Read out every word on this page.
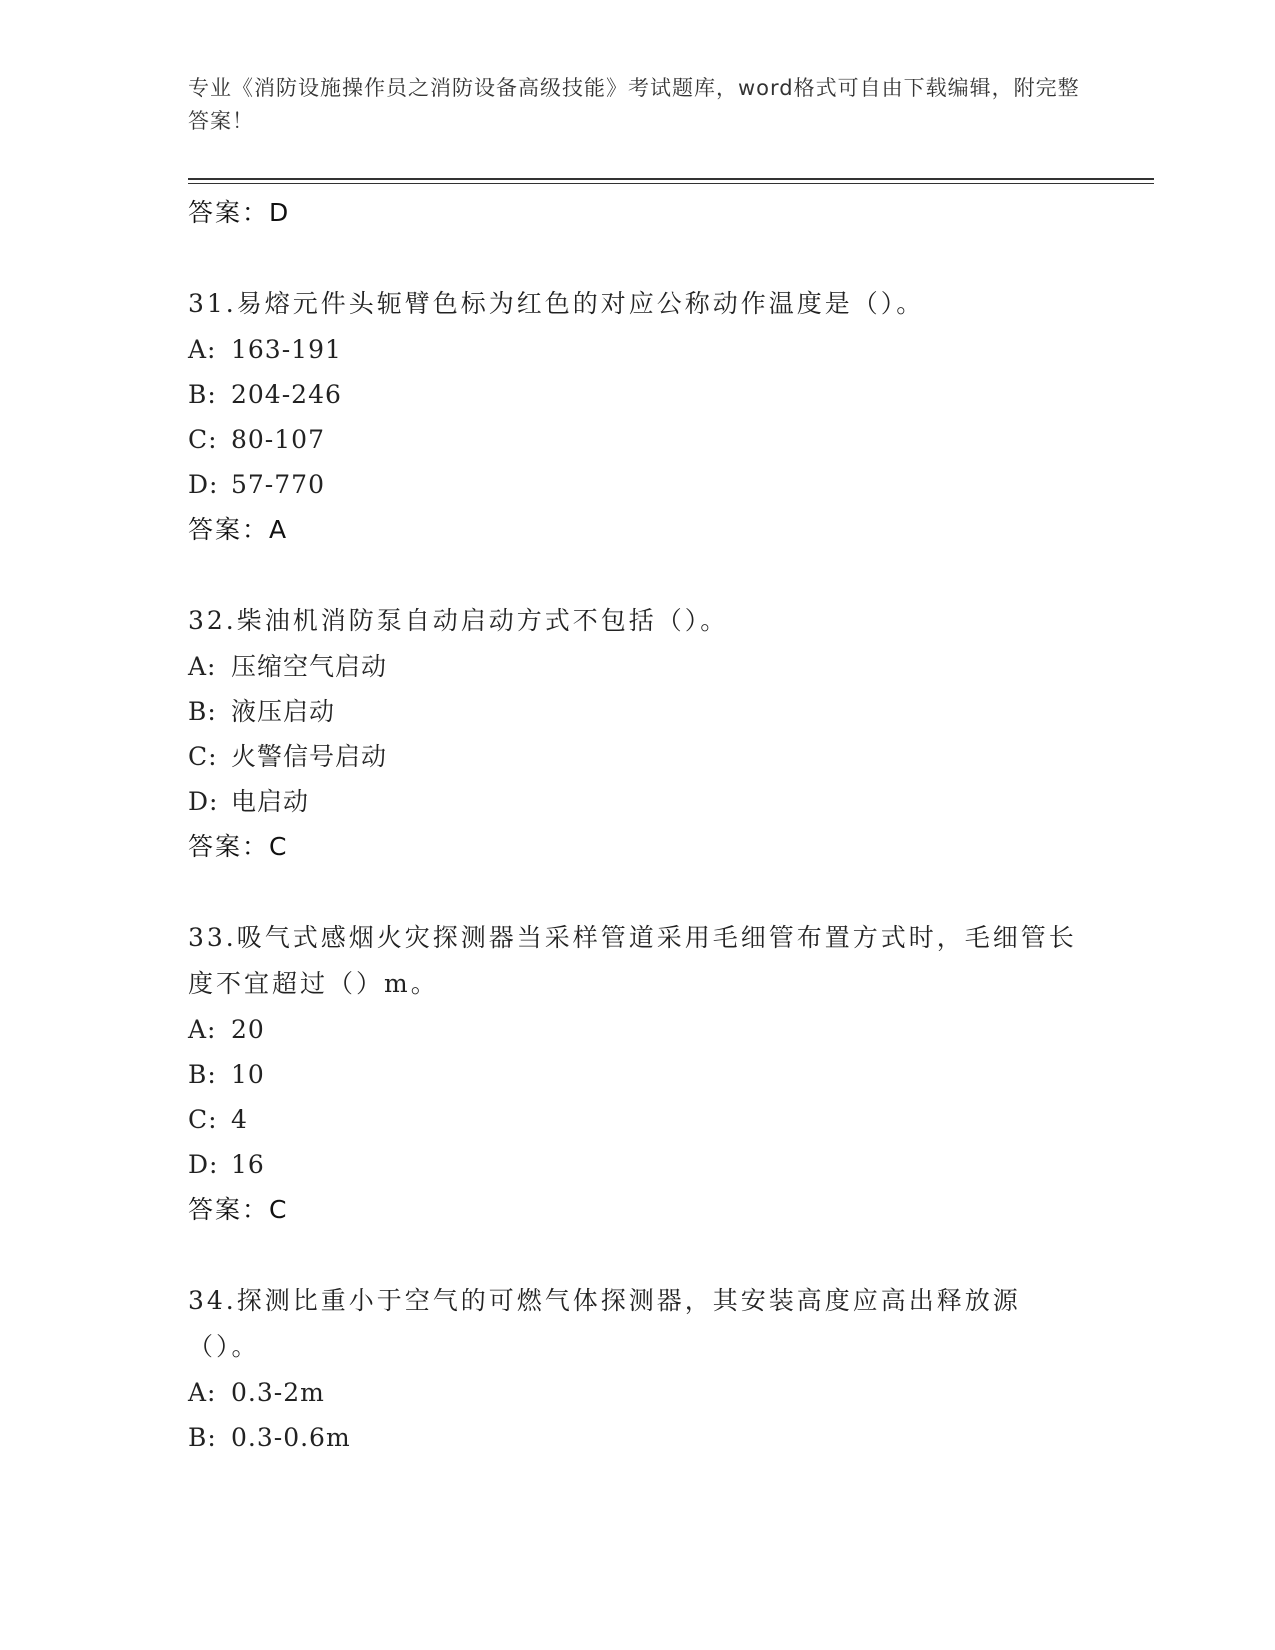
专业《消防设施操作员之消防设备高级技能》考试题库，word格式可自由下载编辑，附完整答案！
答案：D
31.易熔元件头轭臂色标为红色的对应公称动作温度是（）。
A: 163-191
B: 204-246
C: 80-107
D: 57-770
答案：A
32.柴油机消防泵自动启动方式不包括（）。
A: 压缩空气启动
B: 液压启动
C: 火警信号启动
D: 电启动
答案：C
33.吸气式感烟火灾探测器当采样管道采用毛细管布置方式时，毛细管长度不宜超过（）m。
A: 20
B: 10
C: 4
D: 16
答案：C
34.探测比重小于空气的可燃气体探测器，其安装高度应高出释放源（）。
A: 0.3-2m
B: 0.3-0.6m
